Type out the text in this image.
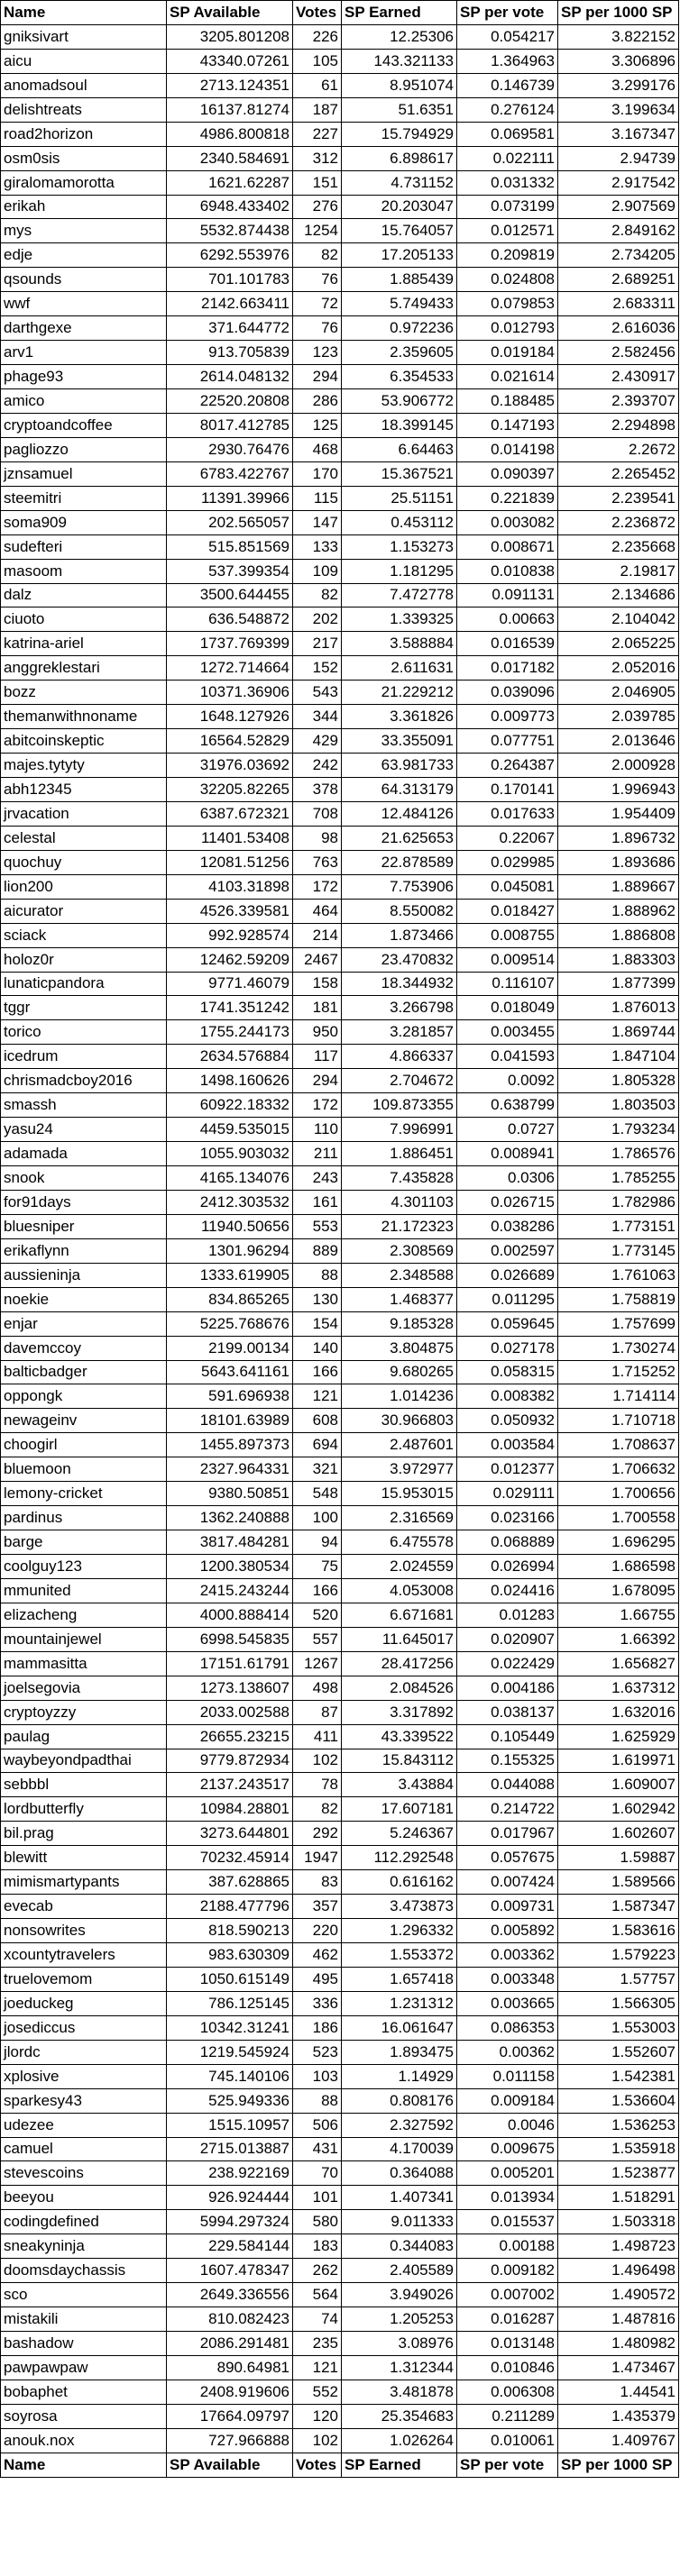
Name	SP Available	Votes	SP Earned	SP per vote	SP per 1000 SP
gniksivart	3205.801208	226	12.25306	0.054217	3.822152
aicu	43340.07261	105	143.321133	1.364963	3.306896
anomadsoul	2713.124351	61	8.951074	0.146739	3.299176
delishtreats	16137.81274	187	51.6351	0.276124	3.199634
road2horizon	4986.800818	227	15.794929	0.069581	3.167347
osm0sis	2340.584691	312	6.898617	0.022111	2.94739
giralomamorotta	1621.62287	151	4.731152	0.031332	2.917542
erikah	6948.433402	276	20.203047	0.073199	2.907569
mys	5532.874438	1254	15.764057	0.012571	2.849162
edje	6292.553976	82	17.205133	0.209819	2.734205
qsounds	701.101783	76	1.885439	0.024808	2.689251
wwf	2142.663411	72	5.749433	0.079853	2.683311
darthgexe	371.644772	76	0.972236	0.012793	2.616036
arv1	913.705839	123	2.359605	0.019184	2.582456
phage93	2614.048132	294	6.354533	0.021614	2.430917
amico	22520.20808	286	53.906772	0.188485	2.393707
cryptoandcoffee	8017.412785	125	18.399145	0.147193	2.294898
pagliozzo	2930.76476	468	6.64463	0.014198	2.2672
jznsamuel	6783.422767	170	15.367521	0.090397	2.265452
steemitri	11391.39966	115	25.51151	0.221839	2.239541
soma909	202.565057	147	0.453112	0.003082	2.236872
sudefteri	515.851569	133	1.153273	0.008671	2.235668
masoom	537.399354	109	1.181295	0.010838	2.19817
dalz	3500.644455	82	7.472778	0.091131	2.134686
ciuoto	636.548872	202	1.339325	0.00663	2.104042
katrina-ariel	1737.769399	217	3.588884	0.016539	2.065225
anggreklestari	1272.714664	152	2.611631	0.017182	2.052016
bozz	10371.36906	543	21.229212	0.039096	2.046905
themanwithnoname	1648.127926	344	3.361826	0.009773	2.039785
abitcoinskeptic	16564.52829	429	33.355091	0.077751	2.013646
majes.tytyty	31976.03692	242	63.981733	0.264387	2.000928
abh12345	32205.82265	378	64.313179	0.170141	1.996943
jrvacation	6387.672321	708	12.484126	0.017633	1.954409
celestal	11401.53408	98	21.625653	0.22067	1.896732
quochuy	12081.51256	763	22.878589	0.029985	1.893686
lion200	4103.31898	172	7.753906	0.045081	1.889667
aicurator	4526.339581	464	8.550082	0.018427	1.888962
sciack	992.928574	214	1.873466	0.008755	1.886808
holoz0r	12462.59209	2467	23.470832	0.009514	1.883303
lunaticpandora	9771.46079	158	18.344932	0.116107	1.877399
tggr	1741.351242	181	3.266798	0.018049	1.876013
torico	1755.244173	950	3.281857	0.003455	1.869744
icedrum	2634.576884	117	4.866337	0.041593	1.847104
chrismadcboy2016	1498.160626	294	2.704672	0.0092	1.805328
smassh	60922.18332	172	109.873355	0.638799	1.803503
yasu24	4459.535015	110	7.996991	0.0727	1.793234
adamada	1055.903032	211	1.886451	0.008941	1.786576
snook	4165.134076	243	7.435828	0.0306	1.785255
for91days	2412.303532	161	4.301103	0.026715	1.782986
bluesniper	11940.50656	553	21.172323	0.038286	1.773151
erikaflynn	1301.96294	889	2.308569	0.002597	1.773145
aussieninja	1333.619905	88	2.348588	0.026689	1.761063
noekie	834.865265	130	1.468377	0.011295	1.758819
enjar	5225.768676	154	9.185328	0.059645	1.757699
davemccoy	2199.00134	140	3.804875	0.027178	1.730274
balticbadger	5643.641161	166	9.680265	0.058315	1.715252
oppongk	591.696938	121	1.014236	0.008382	1.714114
newageinv	18101.63989	608	30.966803	0.050932	1.710718
choogirl	1455.897373	694	2.487601	0.003584	1.708637
bluemoon	2327.964331	321	3.972977	0.012377	1.706632
lemony-cricket	9380.50851	548	15.953015	0.029111	1.700656
pardinus	1362.240888	100	2.316569	0.023166	1.700558
barge	3817.484281	94	6.475578	0.068889	1.696295
coolguy123	1200.380534	75	2.024559	0.026994	1.686598
mmunited	2415.243244	166	4.053008	0.024416	1.678095
elizacheng	4000.888414	520	6.671681	0.01283	1.66755
mountainjewel	6998.545835	557	11.645017	0.020907	1.66392
mammasitta	17151.61791	1267	28.417256	0.022429	1.656827
joelsegovia	1273.138607	498	2.084526	0.004186	1.637312
cryptoyzzy	2033.002588	87	3.317892	0.038137	1.632016
paulag	26655.23215	411	43.339522	0.105449	1.625929
waybeyondpadthai	9779.872934	102	15.843112	0.155325	1.619971
sebbbl	2137.243517	78	3.43884	0.044088	1.609007
lordbutterfly	10984.28801	82	17.607181	0.214722	1.602942
bil.prag	3273.644801	292	5.246367	0.017967	1.602607
blewitt	70232.45914	1947	112.292548	0.057675	1.59887
mimismartypants	387.628865	83	0.616162	0.007424	1.589566
evecab	2188.477796	357	3.473873	0.009731	1.587347
nonsowrites	818.590213	220	1.296332	0.005892	1.583616
xcountytravelers	983.630309	462	1.553372	0.003362	1.579223
truelovemom	1050.615149	495	1.657418	0.003348	1.57757
joeduckeg	786.125145	336	1.231312	0.003665	1.566305
josediccus	10342.31241	186	16.061647	0.086353	1.553003
jlordc	1219.545924	523	1.893475	0.00362	1.552607
xplosive	745.140106	103	1.14929	0.011158	1.542381
sparkesy43	525.949336	88	0.808176	0.009184	1.536604
udezee	1515.10957	506	2.327592	0.0046	1.536253
camuel	2715.013887	431	4.170039	0.009675	1.535918
stevescoins	238.922169	70	0.364088	0.005201	1.523877
beeyou	926.924444	101	1.407341	0.013934	1.518291
codingdefined	5994.297324	580	9.011333	0.015537	1.503318
sneakyninja	229.584144	183	0.344083	0.00188	1.498723
doomsdaychassis	1607.478347	262	2.405589	0.009182	1.496498
sco	2649.336556	564	3.949026	0.007002	1.490572
mistakili	810.082423	74	1.205253	0.016287	1.487816
bashadow	2086.291481	235	3.08976	0.013148	1.480982
pawpawpaw	890.64981	121	1.312344	0.010846	1.473467
bobaphet	2408.919606	552	3.481878	0.006308	1.44541
soyrosa	17664.09797	120	25.354683	0.211289	1.435379
anouk.nox	727.966888	102	1.026264	0.010061	1.409767
Name	SP Available	Votes	SP Earned	SP per vote	SP per 1000 SP
